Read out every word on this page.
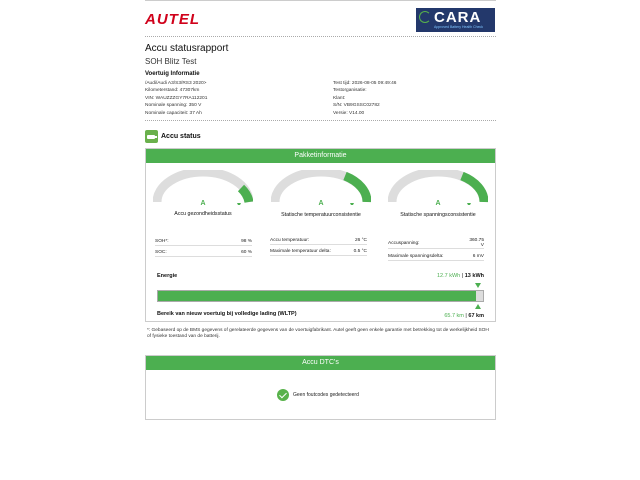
AUTEL	CARA
Approved Battery Health Check
Accu statusrapport
SOH Blitz Test
Voertuig Informatie
/Audi/Audi A3/S3/RS3 2020>
Kilometerstand: 47307km
VIN: WAUZZZGY7RA112201
Nominale spanning: 350 V
Nominale capaciteit: 37 Ah
Test tijd: 2026-08-05 09:49:46
Testorganisatie:
Klant:
S/N: VB9GSSC02782
Versie: V14.00
Accu status
Pakketinformatie
A
Accu gezondheidsstatus
A
Statische temperatuurconsistentie
A
Statische spanningsconsistentie
SOH*:	98 %
SOC:	60 %
Accu temperatuur:	26 °C
Maximale temperatuur delta:	0.5 °C
Accuspanning:	360.75 V
Maximale spanningsdelta:	6 mV
Energie	12.7 kWh | 13 kWh
Bereik van nieuw voertuig bij volledige lading (WLTP)	65.7 km | 67 km
*: Gebaseerd op de BMS gegevens of gerelateerde gegevens van de voertuigfabrikant. Autel geeft geen enkele garantie met betrekking tot de werkelijkheid SOH of fysieke toestand van de batterij.
Accu DTC's
Geen foutcodes gedetecteerd
